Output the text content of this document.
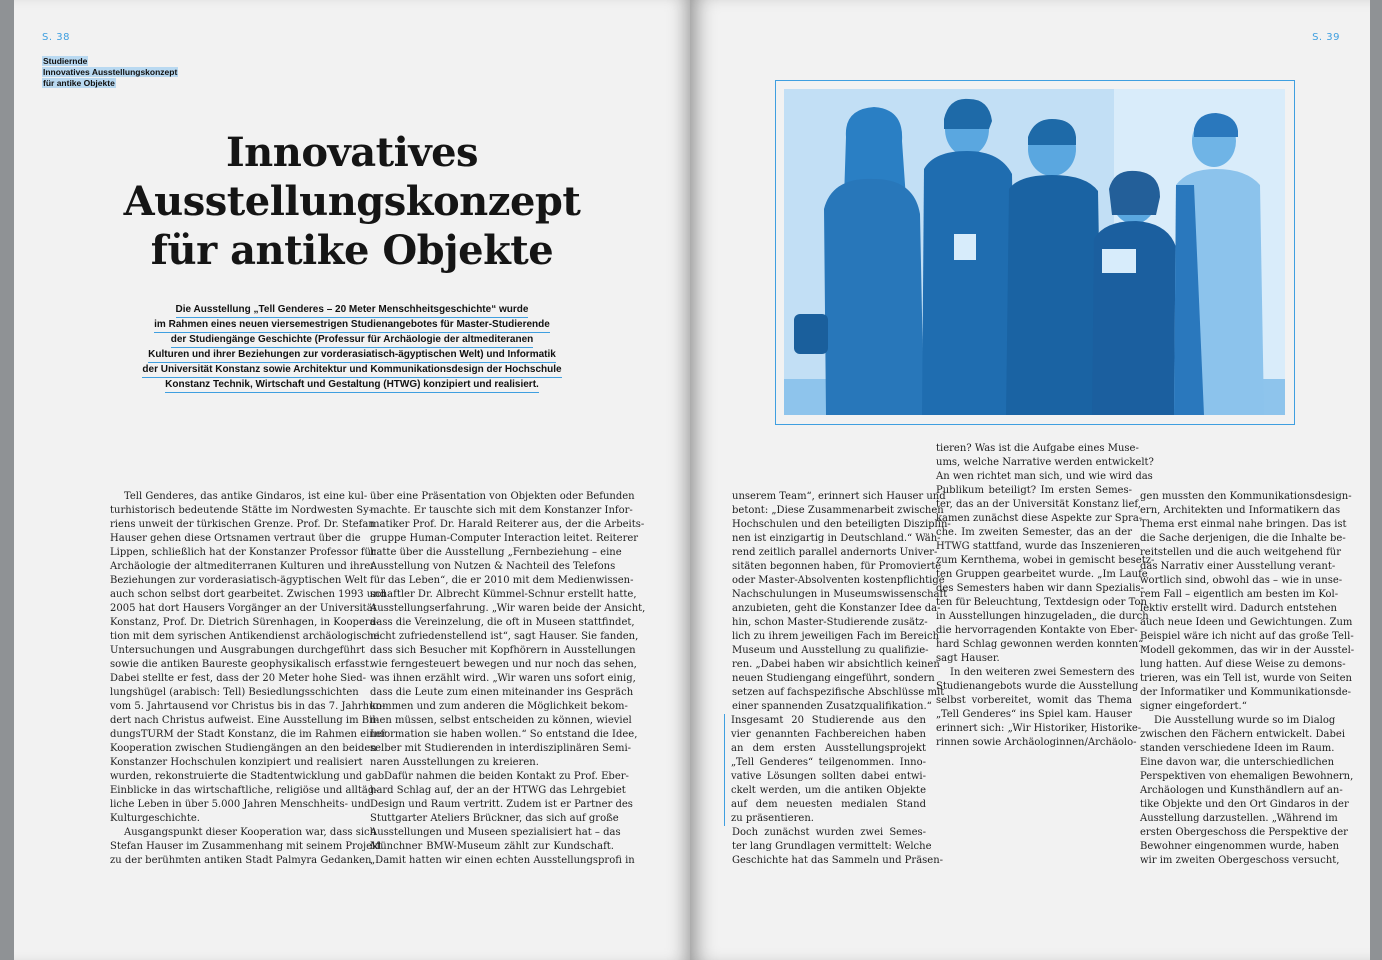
S. 38
Studiernde
Innovatives Ausstellungskonzept
für antike Objekte
Innovatives
Ausstellungskonzept
für antike Objekte
Die Ausstellung „Tell Genderes – 20 Meter Menschheitsgeschichte“ wurde
im Rahmen eines neuen viersemestrigen Studienangebotes für Master-Studierende
der Studiengänge Geschichte (Professur für Archäologie der altmediteranen
Kulturen und ihrer Beziehungen zur vorderasiatisch-ägyptischen Welt) und Informatik
der Universität Konstanz sowie Architektur und Kommunikationsdesign der Hochschule
Konstanz Technik, Wirtschaft und Gestaltung (HTWG) konzipiert und realisiert.
Tell Genderes, das antike Gindaros, ist eine kul-
turhistorisch bedeutende Stätte im Nordwesten Sy-
riens unweit der türkischen Grenze. Prof. Dr. Stefan
Hauser gehen diese Ortsnamen vertraut über die
Lippen, schließlich hat der Konstanzer Professor für
Archäologie der altmediterranen Kulturen und ihrer
Beziehungen zur vorderasiatisch-ägyptischen Welt
auch schon selbst dort gearbeitet. Zwischen 1993 und
2005 hat dort Hausers Vorgänger an der Universität
Konstanz, Prof. Dr. Dietrich Sürenhagen, in Koopera-
tion mit dem syrischen Antikendienst archäologische
Untersuchungen und Ausgrabungen durchgeführt
sowie die antiken Baureste geophysikalisch erfasst.
Dabei stellte er fest, dass der 20 Meter hohe Sied-
lungshügel (arabisch: Tell) Besiedlungsschichten
vom 5. Jahrtausend vor Christus bis in das 7. Jahrhun-
dert nach Christus aufweist. Eine Ausstellung im Bil-
dungsTURM der Stadt Konstanz, die im Rahmen einer
Kooperation zwischen Studiengängen an den beiden
Konstanzer Hochschulen konzipiert und realisiert
wurden, rekonstruierte die Stadtentwicklung und gab
Einblicke in das wirtschaftliche, religiöse und alltäg-
liche Leben in über 5.000 Jahren Menschheits- und
Kulturgeschichte.
Ausgangspunkt dieser Kooperation war, dass sich
Stefan Hauser im Zusammenhang mit seinem Projekt
zu der berühmten antiken Stadt Palmyra Gedanken
über eine Präsentation von Objekten oder Befunden
machte. Er tauschte sich mit dem Konstanzer Infor-
matiker Prof. Dr. Harald Reiterer aus, der die Arbeits-
gruppe Human-Computer Interaction leitet. Reiterer
hatte über die Ausstellung „Fernbeziehung – eine
Ausstellung von Nutzen & Nachteil des Telefons
für das Leben“, die er 2010 mit dem Medienwissen-
schaftler Dr. Albrecht Kümmel-Schnur erstellt hatte,
Ausstellungserfahrung. „Wir waren beide der Ansicht,
dass die Vereinzelung, die oft in Museen stattfindet,
nicht zufriedenstellend ist“, sagt Hauser. Sie fanden,
dass sich Besucher mit Kopfhörern in Ausstellungen
wie ferngesteuert bewegen und nur noch das sehen,
was ihnen erzählt wird. „Wir waren uns sofort einig,
dass die Leute zum einen miteinander ins Gespräch
kommen und zum anderen die Möglichkeit bekom-
men müssen, selbst entscheiden zu können, wieviel
Information sie haben wollen.“ So entstand die Idee,
selber mit Studierenden in interdisziplinären Semi-
naren Ausstellungen zu kreieren.
Dafür nahmen die beiden Kontakt zu Prof. Eber-
hard Schlag auf, der an der HTWG das Lehrgebiet
Design und Raum vertritt. Zudem ist er Partner des
Stuttgarter Ateliers Brückner, das sich auf große
Ausstellungen und Museen spezialisiert hat – das
Münchner BMW-Museum zählt zur Kundschaft.
„Damit hatten wir einen echten Ausstellungsprofi in
S. 39
unserem Team“, erinnert sich Hauser und
betont: „Diese Zusammenarbeit zwischen
Hochschulen und den beteiligten Disziplin-
nen ist einzigartig in Deutschland.“ Wäh-
rend zeitlich parallel andernorts Univer-
sitäten begonnen haben, für Promovierte
oder Master-Absolventen kostenpflichtige
Nachschulungen in Museumswissenschaft
anzubieten, geht die Konstanzer Idee da-
hin, schon Master-Studierende zusätz-
lich zu ihrem jeweiligen Fach im Bereich
Museum und Ausstellung zu qualifizie-
ren. „Dabei haben wir absichtlich keinen
neuen Studiengang eingeführt, sondern
setzen auf fachspezifische Abschlüsse mit
einer spannenden Zusatzqualifikation.“
Insgesamt 20 Studierende aus den
vier genannten Fachbereichen haben
an dem ersten Ausstellungsprojekt
„Tell Genderes“ teilgenommen. Inno-
vative Lösungen sollten dabei entwi-
ckelt werden, um die antiken Objekte
auf dem neuesten medialen Stand
zu präsentieren.
Doch zunächst wurden zwei Semes-
ter lang Grundlagen vermittelt: Welche
Geschichte hat das Sammeln und Präsen-
tieren? Was ist die Aufgabe eines Muse-
ums, welche Narrative werden entwickelt?
An wen richtet man sich, und wie wird das
Publikum beteiligt? Im ersten Semes-
ter, das an der Universität Konstanz lief,
kamen zunächst diese Aspekte zur Spra-
che. Im zweiten Semester, das an der
HTWG stattfand, wurde das Inszenieren
zum Kernthema, wobei in gemischt besetz-
ten Gruppen gearbeitet wurde. „Im Laufe
des Semesters haben wir dann Spezialis-
ten für Beleuchtung, Textdesign oder Ton
in Ausstellungen hinzugeladen„ die durch
die hervorragenden Kontakte von Eber-
hard Schlag gewonnen werden konnten“,
sagt Hauser.
In den weiteren zwei Semestern des
Studienangebots wurde die Ausstellung
selbst vorbereitet, womit das Thema
„Tell Genderes“ ins Spiel kam. Hauser
erinnert sich: „Wir Historiker, Historike-
rinnen sowie Archäologinnen/Archäolo-
gen mussten den Kommunikationsdesign-
ern, Architekten und Informatikern das
Thema erst einmal nahe bringen. Das ist
die Sache derjenigen, die die Inhalte be-
reitstellen und die auch weitgehend für
das Narrativ einer Ausstellung verant-
wortlich sind, obwohl das – wie in unse-
rem Fall – eigentlich am besten im Kol-
lektiv erstellt wird. Dadurch entstehen
auch neue Ideen und Gewichtungen. Zum
Beispiel wäre ich nicht auf das große Tell-
Modell gekommen, das wir in der Ausstel-
lung hatten. Auf diese Weise zu demons-
trieren, was ein Tell ist, wurde von Seiten
der Informatiker und Kommunikationsde-
signer eingefordert.“
Die Ausstellung wurde so im Dialog
zwischen den Fächern entwickelt. Dabei
standen verschiedene Ideen im Raum.
Eine davon war, die unterschiedlichen
Perspektiven von ehemaligen Bewohnern,
Archäologen und Kunsthändlern auf an-
tike Objekte und den Ort Gindaros in der
Ausstellung darzustellen. „Während im
ersten Obergeschoss die Perspektive der
Bewohner eingenommen wurde, haben
wir im zweiten Obergeschoss versucht,
